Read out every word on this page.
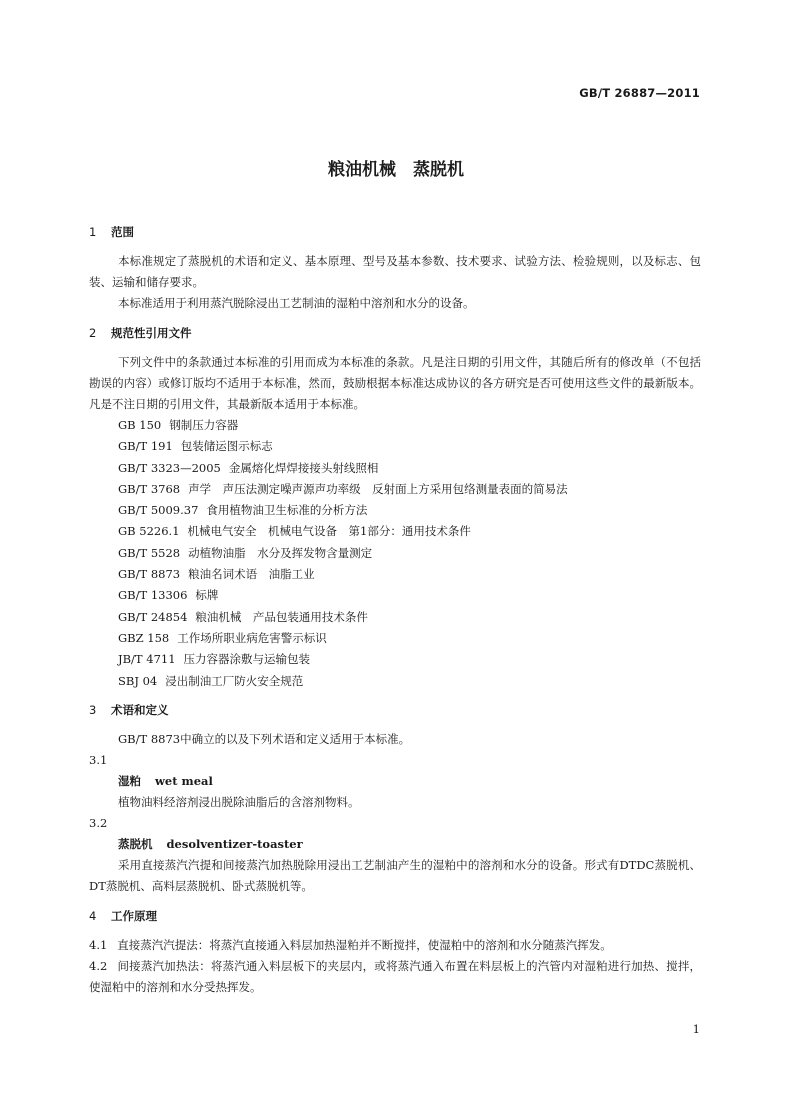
GB/T 26887—2011
粮油机械　蒸脱机
1 范围

本标准规定了蒸脱机的术语和定义、基本原理、型号及基本参数、技术要求、试验方法、检验规则，以及标志、包装、运输和储存要求。

本标准适用于利用蒸汽脱除浸出工艺制油的湿粕中溶剂和水分的设备。

2 规范性引用文件

下列文件中的条款通过本标准的引用而成为本标准的条款。凡是注日期的引用文件，其随后所有的修改单（不包括勘误的内容）或修订版均不适用于本标准，然而，鼓励根据本标准达成协议的各方研究是否可使用这些文件的最新版本。凡是不注日期的引用文件，其最新版本适用于本标准。

GB 150 钢制压力容器
GB/T 191 包装储运图示标志
GB/T 3323—2005 金属熔化焊焊接接头射线照相
GB/T 3768 声学　声压法测定噪声源声功率级　反射面上方采用包络测量表面的简易法
GB/T 5009.37 食用植物油卫生标准的分析方法
GB 5226.1 机械电气安全　机械电气设备　第1部分：通用技术条件
GB/T 5528 动植物油脂　水分及挥发物含量测定
GB/T 8873 粮油名词术语　油脂工业
GB/T 13306 标牌
GB/T 24854 粮油机械　产品包装通用技术条件
GBZ 158 工作场所职业病危害警示标识
JB/T 4711 压力容器涂敷与运输包装
SBJ 04 浸出制油工厂防火安全规范
3 术语和定义

GB/T 8873中确立的以及下列术语和定义适用于本标准。

3.1

湿粕 wet meal

植物油料经溶剂浸出脱除油脂后的含溶剂物料。

3.2

蒸脱机 desolventizer-toaster

采用直接蒸汽汽提和间接蒸汽加热脱除用浸出工艺制油产生的湿粕中的溶剂和水分的设备。形式有DTDC蒸脱机、DT蒸脱机、高料层蒸脱机、卧式蒸脱机等。

4 工作原理

4.1 直接蒸汽汽提法：将蒸汽直接通入料层加热湿粕并不断搅拌，使湿粕中的溶剂和水分随蒸汽挥发。

4.2 间接蒸汽加热法：将蒸汽通入料层板下的夹层内，或将蒸汽通入布置在料层板上的汽管内对湿粕进行加热、搅拌，使湿粕中的溶剂和水分受热挥发。

1
